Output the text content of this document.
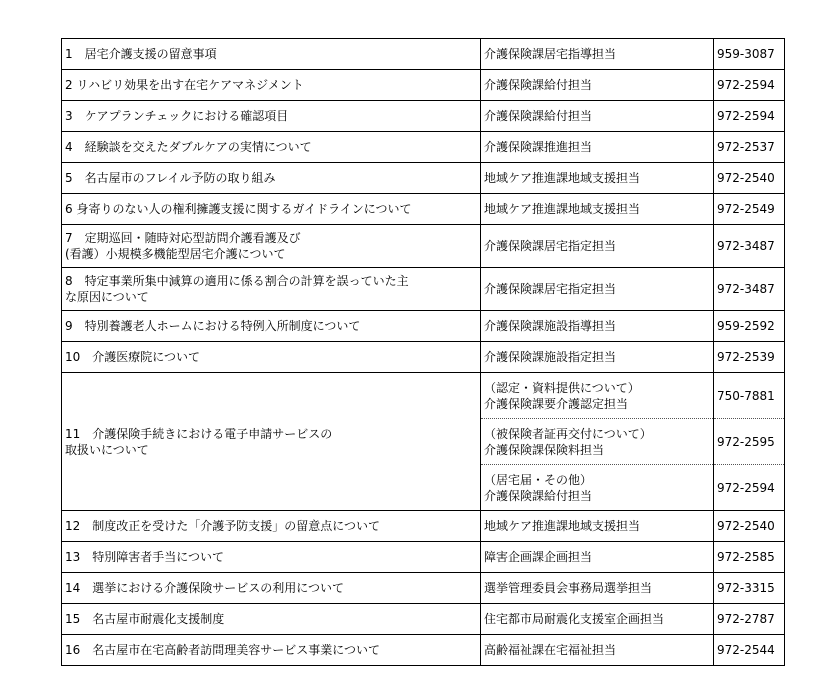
1　居宅介護支援の留意事項	介護保険課居宅指導担当	959-3087
2 リハビリ効果を出す在宅ケアマネジメント	介護保険課給付担当	972-2594
3　ケアプランチェックにおける確認項目	介護保険課給付担当	972-2594
4　経験談を交えたダブルケアの実情について	介護保険課推進担当	972-2537
5　名古屋市のフレイル予防の取り組み	地域ケア推進課地域支援担当	972-2540
6 身寄りのない人の権利擁護支援に関するガイドラインについて	地域ケア推進課地域支援担当	972-2549

7　定期巡回・随時対応型訪問介護看護及び
(看護）小規模多機能型居宅介護について	介護保険課居宅指定担当	972-3487

8　特定事業所集中減算の適用に係る割合の計算を誤っていた主
な原因について	介護保険課居宅指定担当	972-3487
9　特別養護老人ホームにおける特例入所制度について	介護保険課施設指導担当	959-2592
10　介護医療院について	介護保険課施設指定担当	972-2539

11　介護保険手続きにおける電子申請サービスの
取扱いについて	（認定・資料提供について）
介護保険課要介護認定担当	750-7881

	（被保険者証再交付について）
介護保険課保険料担当	972-2595

	（居宅届・その他）
介護保険課給付担当	972-2594
12　制度改正を受けた「介護予防支援」の留意点について	地域ケア推進課地域支援担当	972-2540
13　特別障害者手当について	障害企画課企画担当	972-2585
14　選挙における介護保険サービスの利用について	選挙管理委員会事務局選挙担当	972-3315
15　名古屋市耐震化支援制度	住宅都市局耐震化支援室企画担当	972-2787
16　名古屋市在宅高齢者訪問理美容サービス事業について	高齢福祉課在宅福祉担当	972-2544
